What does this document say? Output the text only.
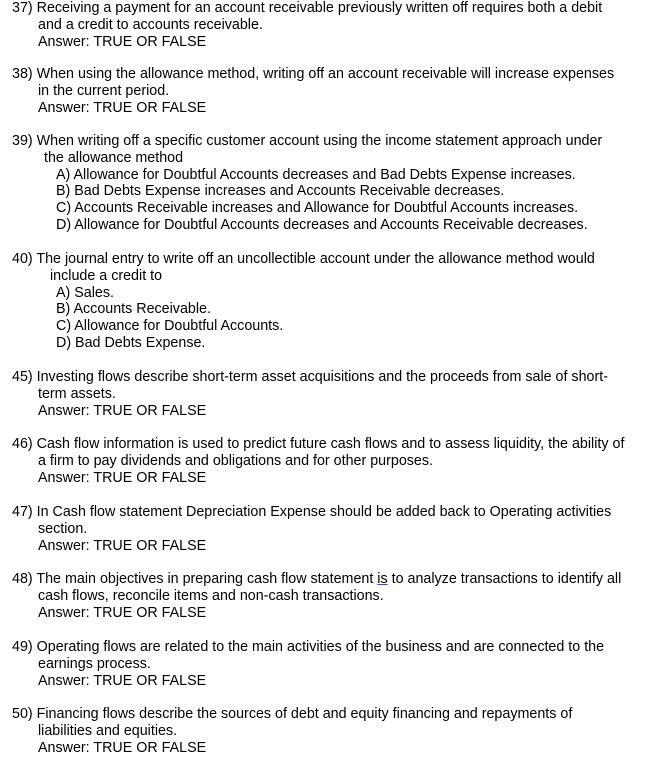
37) Receiving a payment for an account receivable previously written off requires both a debit
and a credit to accounts receivable.
Answer: TRUE OR FALSE
38) When using the allowance method, writing off an account receivable will increase expenses
in the current period.
Answer: TRUE OR FALSE
39) When writing off a specific customer account using the income statement approach under
the allowance method
A) Allowance for Doubtful Accounts decreases and Bad Debts Expense increases.
B) Bad Debts Expense increases and Accounts Receivable decreases.
C) Accounts Receivable increases and Allowance for Doubtful Accounts increases.
D) Allowance for Doubtful Accounts decreases and Accounts Receivable decreases.
40) The journal entry to write off an uncollectible account under the allowance method would
include a credit to
A) Sales.
B) Accounts Receivable.
C) Allowance for Doubtful Accounts.
D) Bad Debts Expense.
45) Investing flows describe short-term asset acquisitions and the proceeds from sale of short-
term assets.
Answer: TRUE OR FALSE
46) Cash flow information is used to predict future cash flows and to assess liquidity, the ability of
a firm to pay dividends and obligations and for other purposes.
Answer: TRUE OR FALSE
47) In Cash flow statement Depreciation Expense should be added back to Operating activities
section.
Answer: TRUE OR FALSE
48) The main objectives in preparing cash flow statement is to analyze transactions to identify all
cash flows, reconcile items and non-cash transactions.
Answer: TRUE OR FALSE
49) Operating flows are related to the main activities of the business and are connected to the
earnings process.
Answer: TRUE OR FALSE
50) Financing flows describe the sources of debt and equity financing and repayments of
liabilities and equities.
Answer: TRUE OR FALSE
